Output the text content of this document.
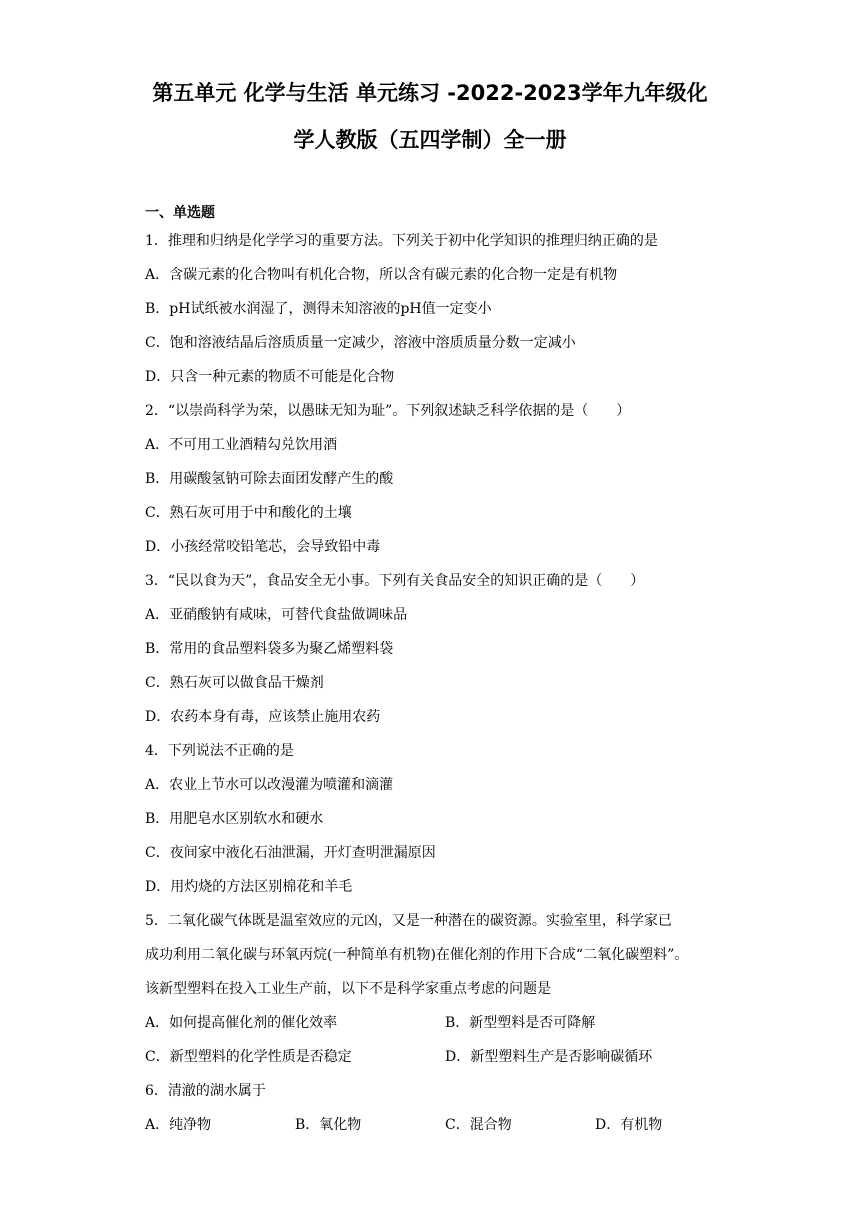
第五单元 化学与生活 单元练习 -2022-2023学年九年级化
学人教版（五四学制）全一册
一、单选题
1．推理和归纳是化学学习的重要方法。下列关于初中化学知识的推理归纳正确的是
A．含碳元素的化合物叫有机化合物，所以含有碳元素的化合物一定是有机物
B．pH试纸被水润湿了，测得未知溶液的pH值一定变小
C．饱和溶液结晶后溶质质量一定减少，溶液中溶质质量分数一定减小
D．只含一种元素的物质不可能是化合物
2．“以崇尚科学为荣，以愚昧无知为耻”。下列叙述缺乏科学依据的是（　　）
A．不可用工业酒精勾兑饮用酒
B．用碳酸氢钠可除去面团发酵产生的酸
C．熟石灰可用于中和酸化的土壤
D．小孩经常咬铅笔芯，会导致铅中毒
3．“民以食为天”，食品安全无小事。下列有关食品安全的知识正确的是（　　）
A．亚硝酸钠有咸味，可替代食盐做调味品
B．常用的食品塑料袋多为聚乙烯塑料袋
C．熟石灰可以做食品干燥剂
D．农药本身有毒，应该禁止施用农药
4．下列说法不正确的是
A．农业上节水可以改漫灌为喷灌和滴灌
B．用肥皂水区别软水和硬水
C．夜间家中液化石油泄漏，开灯查明泄漏原因
D．用灼烧的方法区别棉花和羊毛
5．二氧化碳气体既是温室效应的元凶，又是一种潜在的碳资源。实验室里，科学家已
成功利用二氧化碳与环氧丙烷(一种简单有机物)在催化剂的作用下合成“二氧化碳塑料”。
该新型塑料在投入工业生产前，以下不是科学家重点考虑的问题是
A．如何提高催化剂的催化效率	B．新型塑料是否可降解
C．新型塑料的化学性质是否稳定	D．新型塑料生产是否影响碳循环
6．清澈的湖水属于
A．纯净物	B．氧化物	C．混合物	D．有机物
